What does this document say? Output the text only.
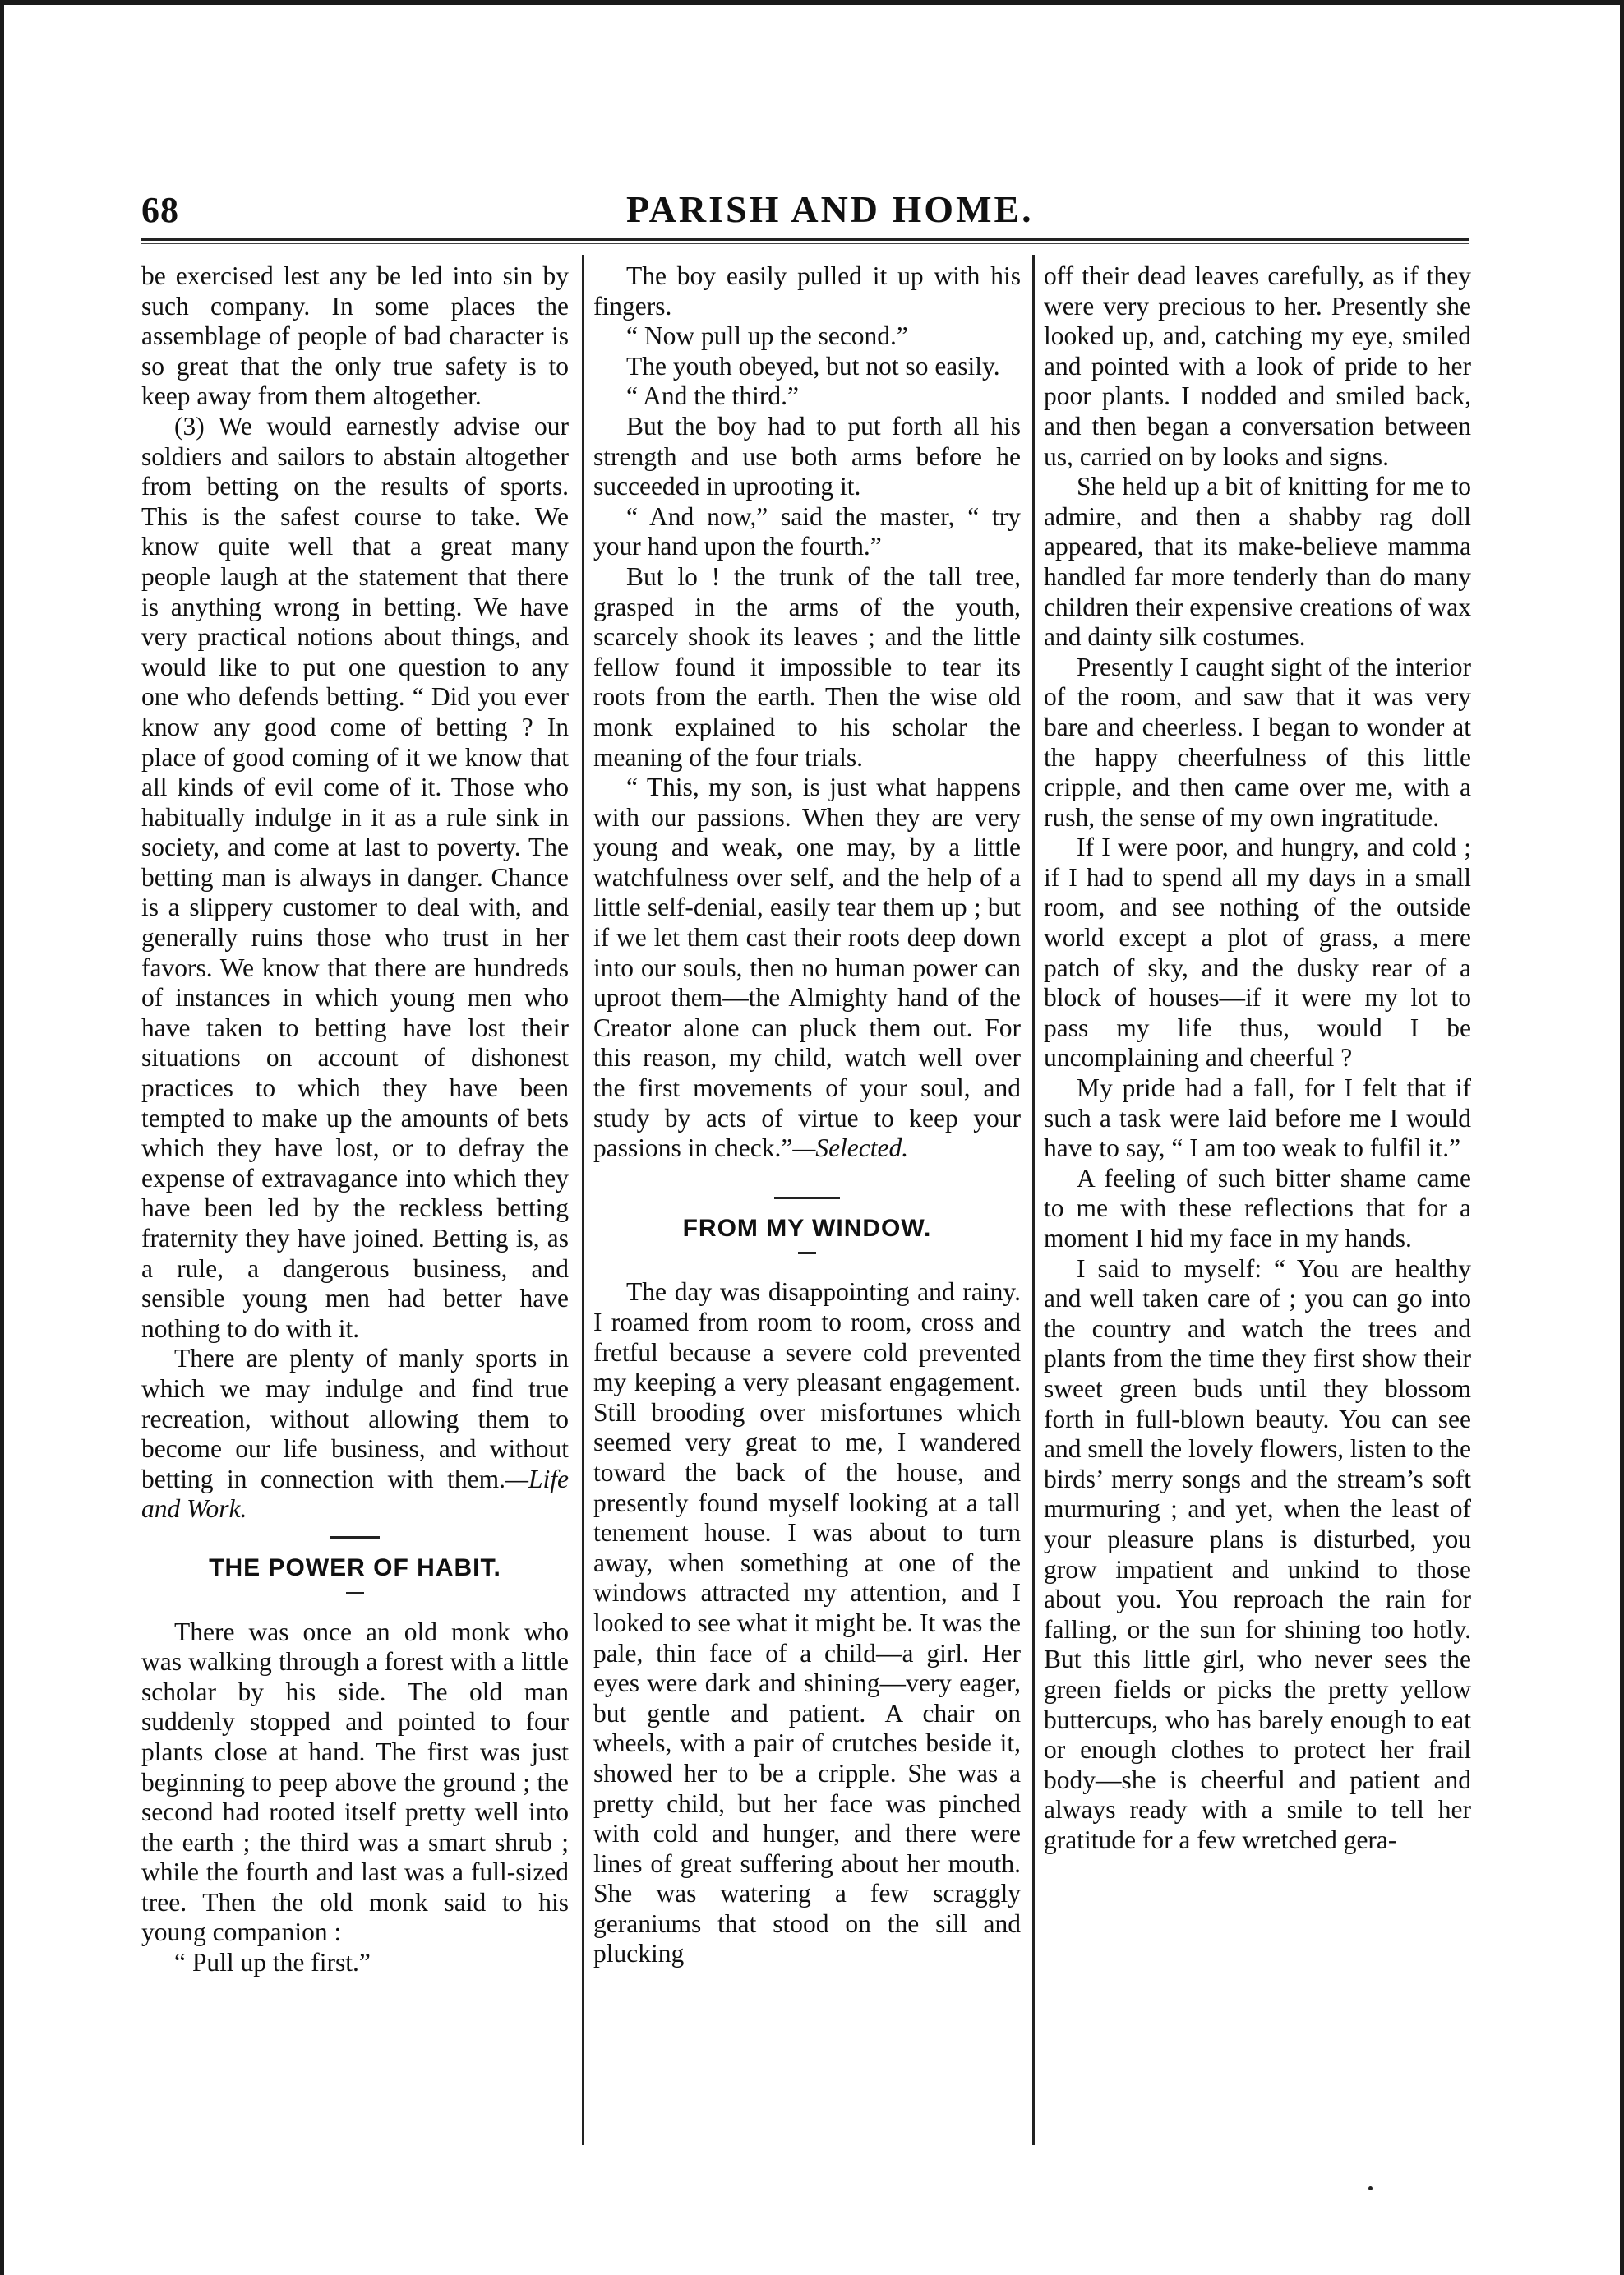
68	PARISH AND HOME.

be exercised lest any be led into sin by such company. In some places the assemblage of people of bad character is so great that the only true safety is to keep away from them altogether.

(3) We would earnestly advise our soldiers and sailors to abstain altogether from betting on the results of sports. This is the safest course to take. We know quite well that a great many people laugh at the statement that there is anything wrong in betting. We have very practical notions about things, and would like to put one question to any one who defends betting. “ Did you ever know any good come of betting ? In place of good coming of it we know that all kinds of evil come of it. Those who habitually indulge in it as a rule sink in society, and come at last to poverty. The betting man is always in danger. Chance is a slippery customer to deal with, and generally ruins those who trust in her favors. We know that there are hundreds of instances in which young men who have taken to betting have lost their situations on account of dishonest practices to which they have been tempted to make up the amounts of bets which they have lost, or to defray the expense of extravagance into which they have been led by the reckless betting fraternity they have joined. Betting is, as a rule, a dangerous business, and sensible young men had better have nothing to do with it.

There are plenty of manly sports in which we may indulge and find true recreation, without allowing them to become our life business, and without betting in connection with them.—Life and Work.

THE POWER OF HABIT.

There was once an old monk who was walking through a forest with a little scholar by his side. The old man suddenly stopped and pointed to four plants close at hand. The first was just beginning to peep above the ground ; the second had rooted itself pretty well into the earth ; the third was a smart shrub ; while the fourth and last was a full-sized tree. Then the old monk said to his young companion :

“ Pull up the first.”

The boy easily pulled it up with his fingers.

“ Now pull up the second.”

The youth obeyed, but not so easily.

“ And the third.”

But the boy had to put forth all his strength and use both arms before he succeeded in uprooting it.

“ And now,” said the master, “ try your hand upon the fourth.”

But lo ! the trunk of the tall tree, grasped in the arms of the youth, scarcely shook its leaves ; and the little fellow found it impossible to tear its roots from the earth. Then the wise old monk explained to his scholar the meaning of the four trials.

“ This, my son, is just what happens with our passions. When they are very young and weak, one may, by a little watchfulness over self, and the help of a little self-denial, easily tear them up ; but if we let them cast their roots deep down into our souls, then no human power can uproot them—the Almighty hand of the Creator alone can pluck them out. For this reason, my child, watch well over the first movements of your soul, and study by acts of virtue to keep your passions in check.”—Selected.

FROM MY WINDOW.

The day was disappointing and rainy. I roamed from room to room, cross and fretful because a severe cold prevented my keeping a very pleasant engagement. Still brooding over misfortunes which seemed very great to me, I wandered toward the back of the house, and presently found myself looking at a tall tenement house. I was about to turn away, when something at one of the windows attracted my attention, and I looked to see what it might be. It was the pale, thin face of a child—a girl. Her eyes were dark and shining—very eager, but gentle and patient. A chair on wheels, with a pair of crutches beside it, showed her to be a cripple. She was a pretty child, but her face was pinched with cold and hunger, and there were lines of great suffering about her mouth. She was watering a few scraggly geraniums that stood on the sill and plucking

off their dead leaves carefully, as if they were very precious to her. Presently she looked up, and, catching my eye, smiled and pointed with a look of pride to her poor plants. I nodded and smiled back, and then began a conversation between us, carried on by looks and signs.

She held up a bit of knitting for me to admire, and then a shabby rag doll appeared, that its make-believe mamma handled far more tenderly than do many children their expensive creations of wax and dainty silk costumes.

Presently I caught sight of the interior of the room, and saw that it was very bare and cheerless. I began to wonder at the happy cheerfulness of this little cripple, and then came over me, with a rush, the sense of my own ingratitude.

If I were poor, and hungry, and cold ; if I had to spend all my days in a small room, and see nothing of the outside world except a plot of grass, a mere patch of sky, and the dusky rear of a block of houses—if it were my lot to pass my life thus, would I be uncomplaining and cheerful ?

My pride had a fall, for I felt that if such a task were laid before me I would have to say, “ I am too weak to fulfil it.”

A feeling of such bitter shame came to me with these reflections that for a moment I hid my face in my hands.

I said to myself: “ You are healthy and well taken care of ; you can go into the country and watch the trees and plants from the time they first show their sweet green buds until they blossom forth in full-blown beauty. You can see and smell the lovely flowers, listen to the birds’ merry songs and the stream’s soft murmuring ; and yet, when the least of your pleasure plans is disturbed, you grow impatient and unkind to those about you. You reproach the rain for falling, or the sun for shining too hotly. But this little girl, who never sees the green fields or picks the pretty yellow buttercups, who has barely enough to eat or enough clothes to protect her frail body—she is cheerful and patient and always ready with a smile to tell her gratitude for a few wretched gera-
